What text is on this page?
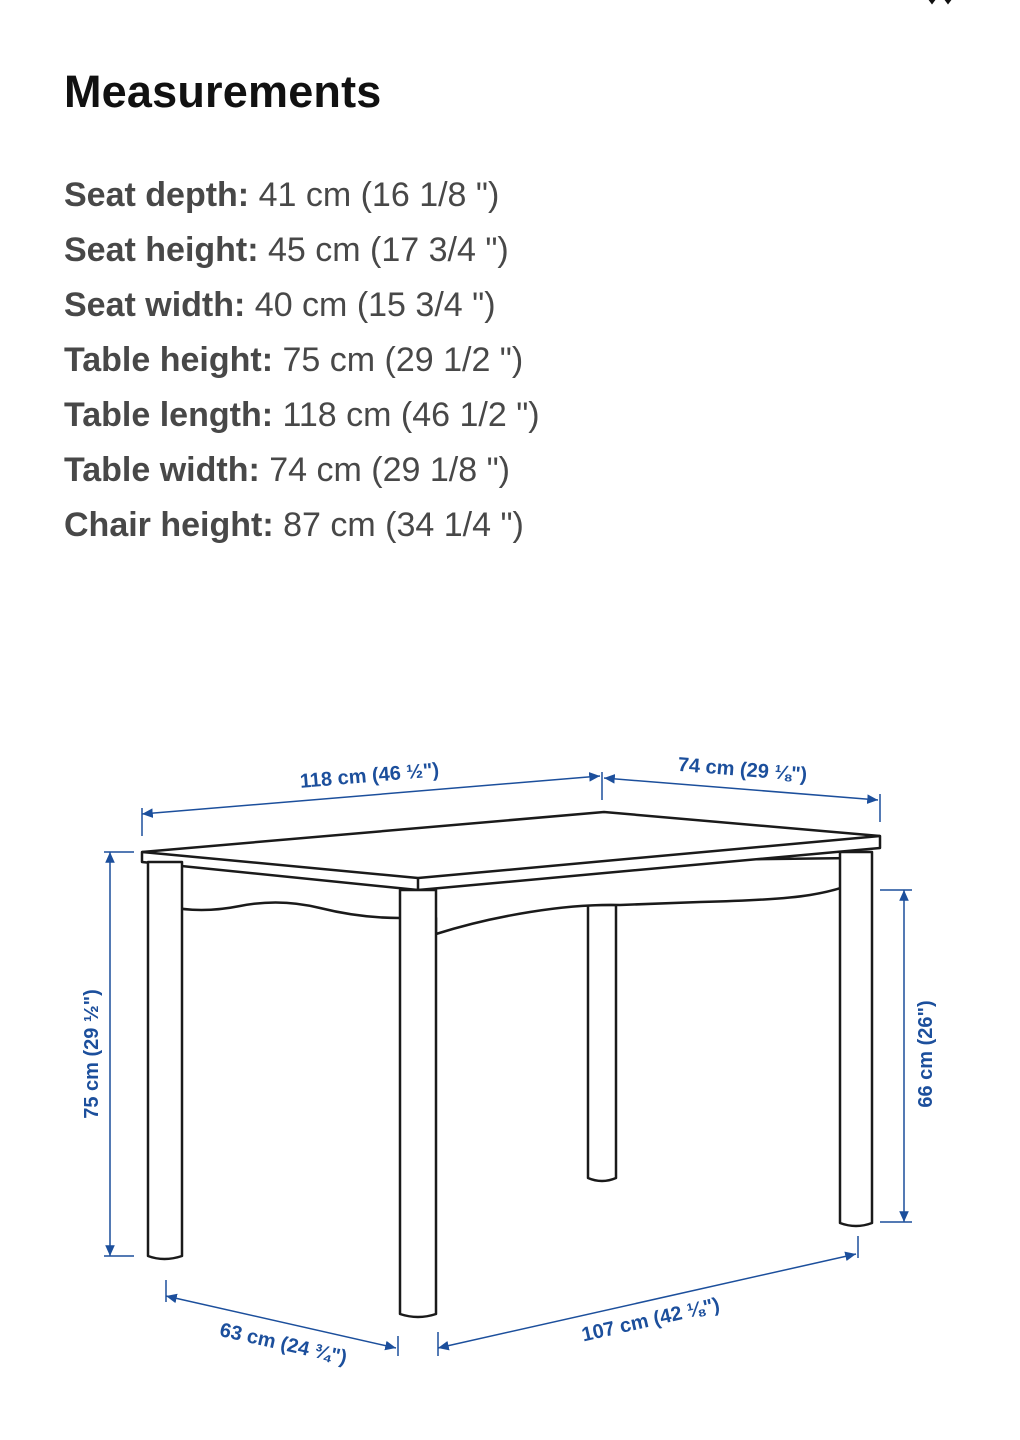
Measurements
Seat depth: 41 cm (16 1/8 ")
Seat height: 45 cm (17 3/4 ")
Seat width: 40 cm (15 3/4 ")
Table height: 75 cm (29 1/2 ")
Table length: 118 cm (46 1/2 ")
Table width: 74 cm (29 1/8 ")
Chair height: 87 cm (34 1/4 ")
118 cm (46 ½")	74 cm (29 ⅛")
75 cm (29 ½")	66 cm (26")
63 cm (24 ¾")	107 cm (42 ⅛")
